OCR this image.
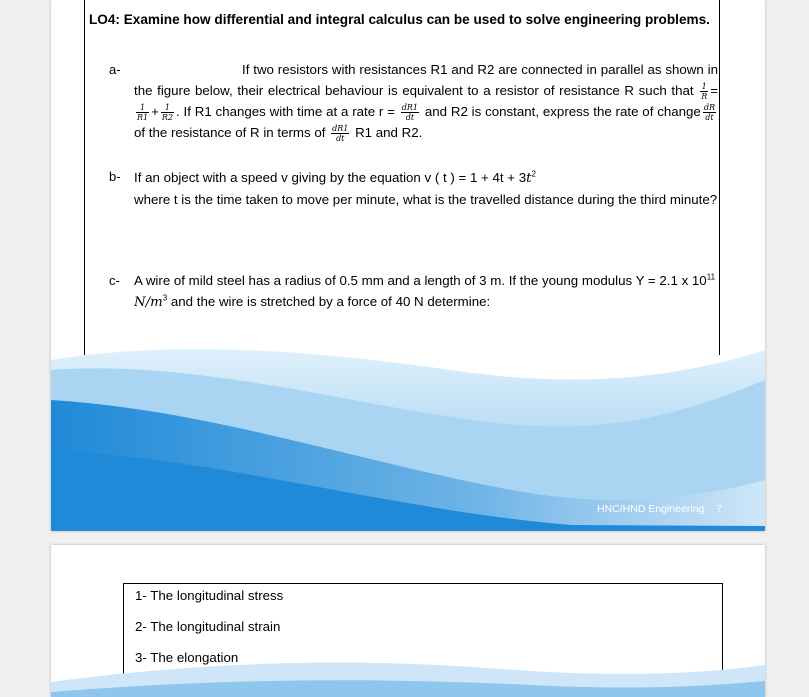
LO4: Examine how differential and integral calculus can be used to solve engineering problems.
a-	If two resistors with resistances R1 and R2 are connected in parallel as shown in the figure below, their electrical behaviour is equivalent to a resistor of resistance R such that $\frac{1}{R}$ =
$\frac{1}{R1} + \frac{1}{R2}$ . If R1 changes with time at a rate $r = \frac{dR1}{dt}$ and R2 is constant, express the rate of change $\frac{dR}{dt}$
of the resistance of R in terms of $\frac{dR1}{dt} R1$ and R2.
b- If an object with a speed v giving by the equation v ( t ) = $1 + 4t + 3t^2$
where t is the time taken to move per minute, what is the travelled distance during the third minute?
c- A wire of mild steel has a radius of 0.5 mm and a length of 3 m. If the young modulus Y = 2.1 x $10^{11}$ $N/m^3$ and the wire is stretched by a force of 40 N determine:
HNC/HND Engineering 7
1- The longitudinal stress
2- The longitudinal strain
3- The elongation
